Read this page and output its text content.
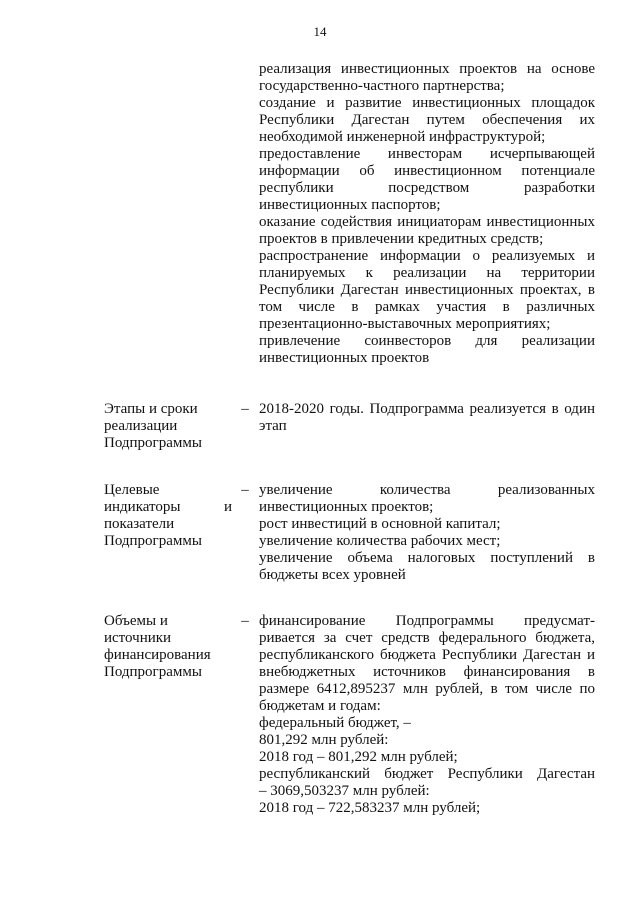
14
реализация инвестиционных проектов на основе
государственно-частного партнерства;
создание и развитие инвестиционных площадок
Республики Дагестан путем обеспечения их
необходимой инженерной инфраструктурой;
предоставление инвесторам исчерпывающей
информации об инвестиционном потенциале
республики посредством разработки
инвестиционных паспортов;
оказание содействия инициаторам инвестиционных
проектов в привлечении кредитных средств;
распространение информации о реализуемых и
планируемых к реализации на территории
Республики Дагестан инвестиционных проектах, в
том числе в рамках участия в различных
презентационно-выставочных мероприятиях;
привлечение соинвесторов для реализации
инвестиционных проектов
Этапы и сроки
реализации
Подпрограммы
– 2018-2020 годы. Подпрограмма реализуется в один
этап
Целевые
индикаторы и
показатели
Подпрограммы
– увеличение количества реализованных
инвестиционных проектов;
рост инвестиций в основной капитал;
увеличение количества рабочих мест;
увеличение объема налоговых поступлений в
бюджеты всех уровней
Объемы и
источники
финансирования
Подпрограммы
– финансирование Подпрограммы предусмат-
ривается за счет средств федерального бюджета,
республиканского бюджета Республики Дагестан и
внебюджетных источников финансирования в
размере 6412,895237 млн рублей, в том числе по
бюджетам и годам:
федеральный бюджет, –
801,292 млн рублей:
2018 год – 801,292 млн рублей;
республиканский бюджет Республики Дагестан
– 3069,503237 млн рублей:
2018 год – 722,583237 млн рублей;
